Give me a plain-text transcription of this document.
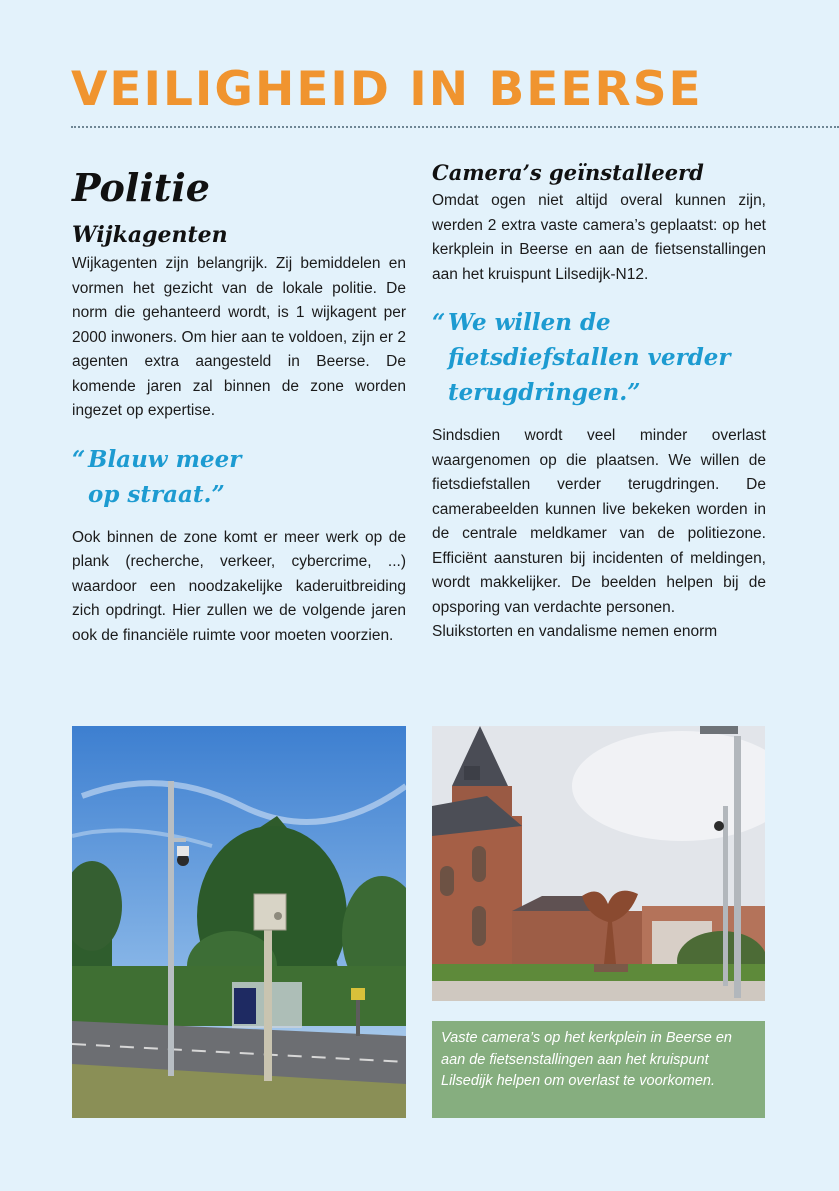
VEILIGHEID IN BEERSE
Politie
Wijkagenten

Wijkagenten zijn belangrijk. Zij bemiddelen en vormen het gezicht van de lokale politie. De norm die gehanteerd wordt, is 1 wijkagent per 2000 inwoners. Om hier aan te voldoen, zijn er 2 agenten extra aangesteld in Beerse. De komende jaren zal binnen de zone worden ingezet op expertise.

“ Blauw meer
op straat.”

Ook binnen de zone komt er meer werk op de plank (recherche, verkeer, cybercrime, ...) waardoor een noodzakelijke kaderuitbreiding zich opdringt. Hier zullen we de volgende jaren ook de financiële ruimte voor moeten voorzien.

Camera’s geïnstalleerd

Omdat ogen niet altijd overal kunnen zijn, werden 2 extra vaste camera’s geplaatst: op het kerkplein in Beerse en aan de fietsenstallingen aan het kruispunt Lilsedijk-N12.

“ We willen de
fietsdiefstallen verder
terugdringen.”

Sindsdien wordt veel minder overlast waargenomen op die plaatsen. We willen de fietsdiefstallen verder terugdringen. De camerabeelden kunnen live bekeken worden in de centrale meldkamer van de politiezone. Efficiënt aansturen bij incidenten of meldingen, wordt makkelijker. De beelden helpen bij de opsporing van verdachte personen.

Sluikstorten en vandalisme nemen enorm

Vaste camera’s op het kerkplein in Beerse en aan de fietsenstallingen aan het kruispunt Lilsedijk helpen om overlast te voorkomen.
